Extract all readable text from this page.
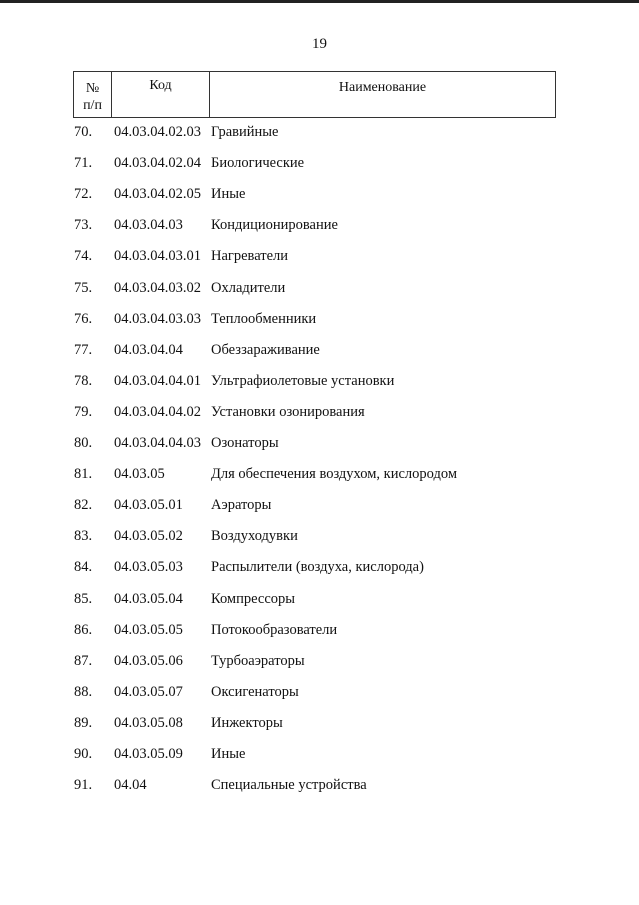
19
№
п/п
Код	Наименование
70. 04.03.04.02.03 Гравийные
71. 04.03.04.02.04 Биологические
72. 04.03.04.02.05 Иные
73. 04.03.04.03 Кондиционирование
74. 04.03.04.03.01 Нагреватели
75. 04.03.04.03.02 Охладители
76. 04.03.04.03.03 Теплообменники
77. 04.03.04.04 Обеззараживание
78. 04.03.04.04.01 Ультрафиолетовые установки
79. 04.03.04.04.02 Установки озонирования
80. 04.03.04.04.03 Озонаторы
81. 04.03.05	Для обеспечения воздухом, кислородом
82. 04.03.05.01 Аэраторы
83. 04.03.05.02 Воздуходувки
84. 04.03.05.03 Распылители (воздуха, кислорода)
85. 04.03.05.04 Компрессоры
86. 04.03.05.05 Потокообразователи
87. 04.03.05.06 Турбоаэраторы
88. 04.03.05.07 Оксигенаторы
89. 04.03.05.08 Инжекторы
90. 04.03.05.09 Иные
91. 04.04	Специальные устройства
